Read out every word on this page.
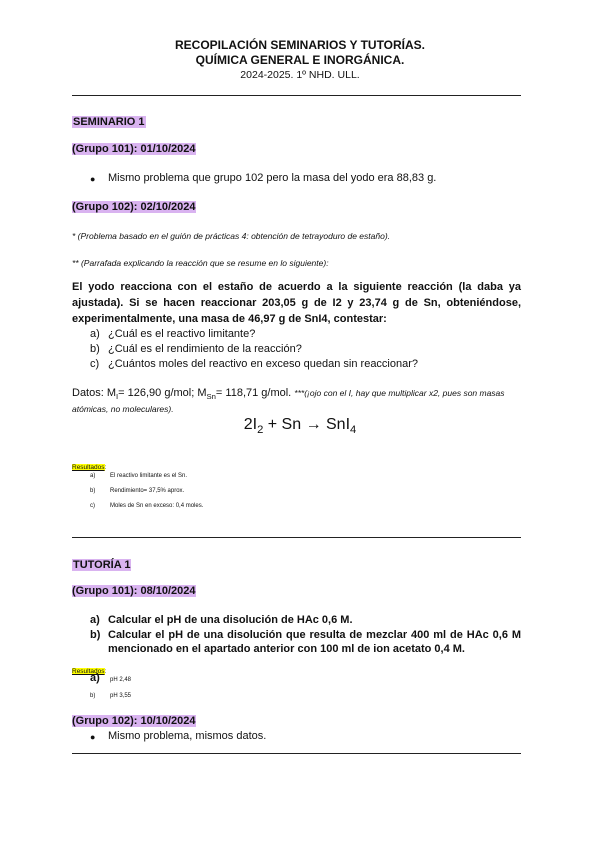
RECOPILACIÓN SEMINARIOS Y TUTORÍAS.
QUÍMICA GENERAL E INORGÁNICA.
2024-2025. 1º NHD. ULL.
SEMINARIO 1
(Grupo 101): 01/10/2024
● Mismo problema que grupo 102 pero la masa del yodo era 88,83 g.
(Grupo 102): 02/10/2024
* (Problema basado en el guión de prácticas 4: obtención de tetrayoduro de estaño).
** (Parrafada explicando la reacción que se resume en lo siguiente):
El yodo reacciona con el estaño de acuerdo a la siguiente reacción (la daba ya
ajustada). Si se hacen reaccionar 203,05 g de I2 y 23,74 g de Sn, obteniéndose,
experimentalmente, una masa de 46,97 g de SnI4, contestar:
a) ¿Cuál es el reactivo limitante?
b) ¿Cuál es el rendimiento de la reacción?
c) ¿Cuántos moles del reactivo en exceso quedan sin reaccionar?
Datos: $M_I= 126,90$ g/mol; $M_{Sn}= 118,71$ g/mol. ***(¡ojo con el I, hay que multiplicar x2, pues son masas
atómicas, no moleculares).
$2I_2 + Sn \to SnI_4$
Resultados:
a) El reactivo limitante es el Sn.
b) Rendimiento= 37,5% aprox.
c)	Moles de Sn en exceso: 0,4 moles.
TUTORÍA 1
(Grupo 101): 08/10/2024
a) Calcular el pH de una disolución de HAc 0,6 M.
b) Calcular el pH de una disolución que resulta de mezclar 400 ml de HAc 0,6 M
mencionado en el apartado anterior con 100 ml de ion acetato 0,4 M.
Resultados:
a) pH 2,48
b) pH 3,55
(Grupo 102): 10/10/2024
● Mismo problema, mismos datos.
